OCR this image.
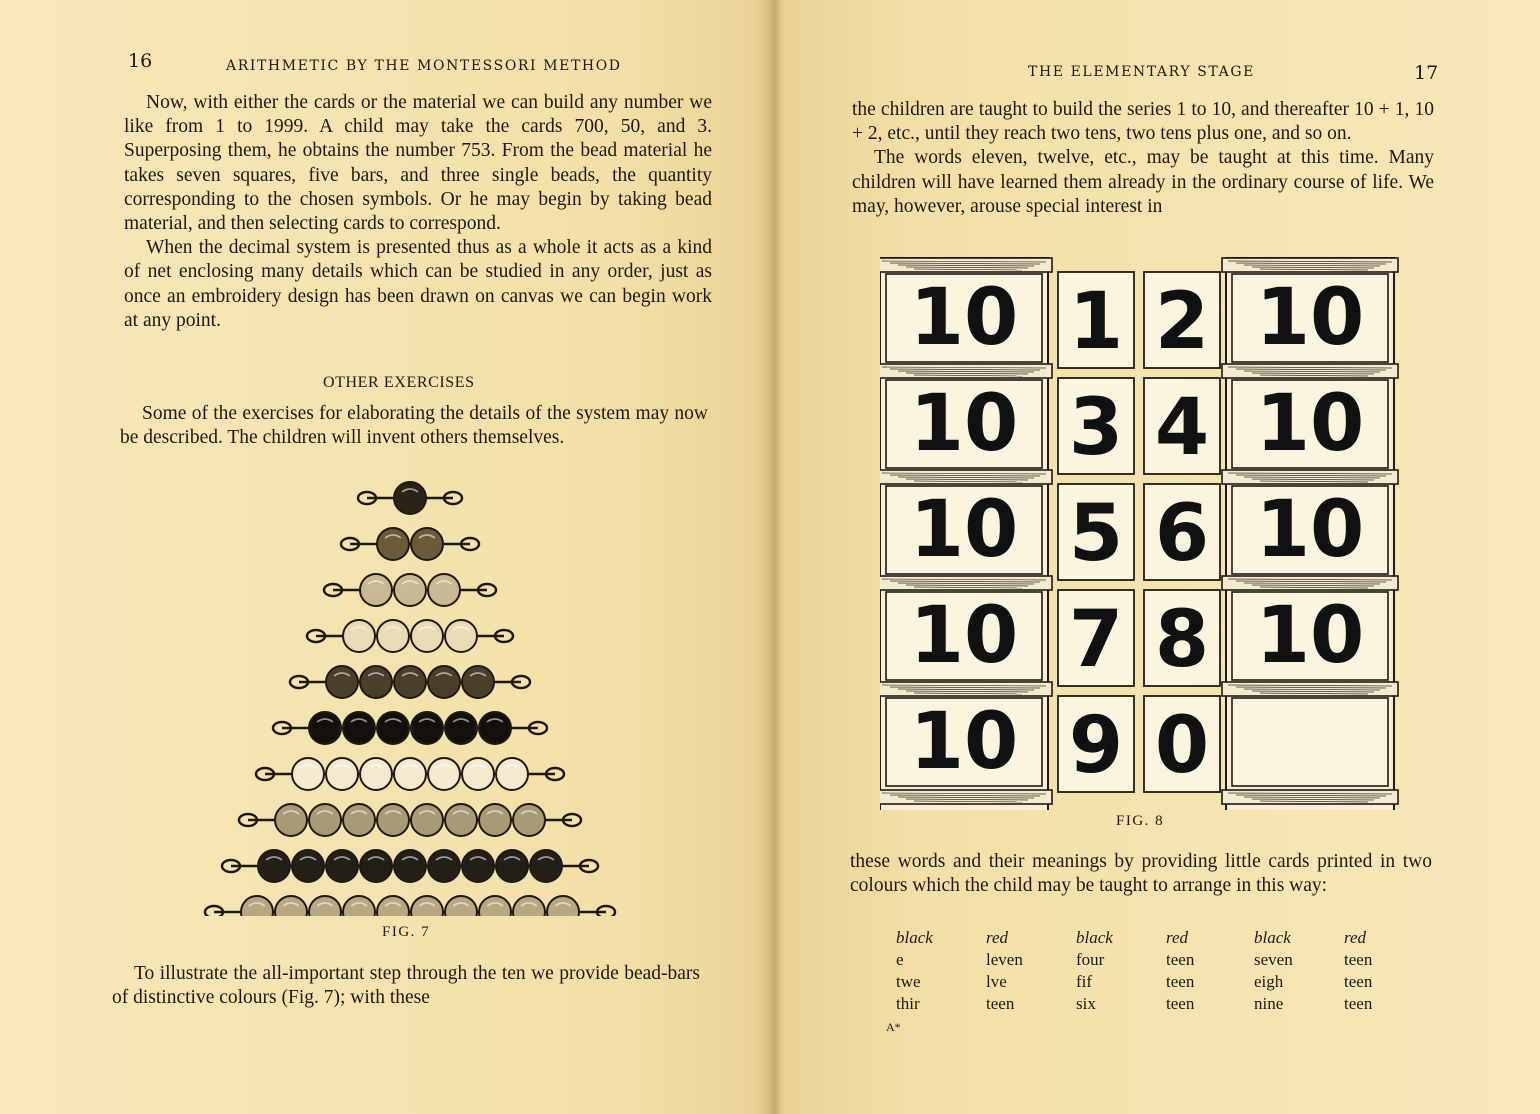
16	ARITHMETIC BY THE MONTESSORI METHOD

Now, with either the cards or the material we can build any number we like from 1 to 1999. A child may take the cards 700, 50, and 3. Superposing them, he obtains the number 753. From the bead material he takes seven squares, five bars, and three single beads, the quantity corresponding to the chosen symbols. Or he may begin by taking bead material, and then selecting cards to correspond.

When the decimal system is presented thus as a whole it acts as a kind of net enclosing many details which can be studied in any order, just as once an embroidery design has been drawn on canvas we can begin work at any point.

OTHER EXERCISES

Some of the exercises for elaborating the details of the system may now be described. The children will invent others themselves.

FIG. 7

To illustrate the all-important step through the ten we provide bead-bars of distinctive colours (Fig. 7); with these

THE ELEMENTARY STAGE	17

the children are taught to build the series 1 to 10, and thereafter 10 + 1, 10 + 2, etc., until they reach two tens, two tens plus one, and so on.

The words eleven, twelve, etc., may be taught at this time. Many children will have learned them already in the ordinary course of life. We may, however, arouse special interest in

10
10
10
10
10
10
10
10
10
1 2
3 4
5 6
7 8
9 0
FIG. 8

these words and their meanings by providing little cards printed in two colours which the child may be taught to arrange in this way:

black
e
twe
thir
red
leven
lve
teen
black
four
fif
six
red
teen
teen
teen
black
seven
eigh
nine
red
teen
teen
teen
A*
